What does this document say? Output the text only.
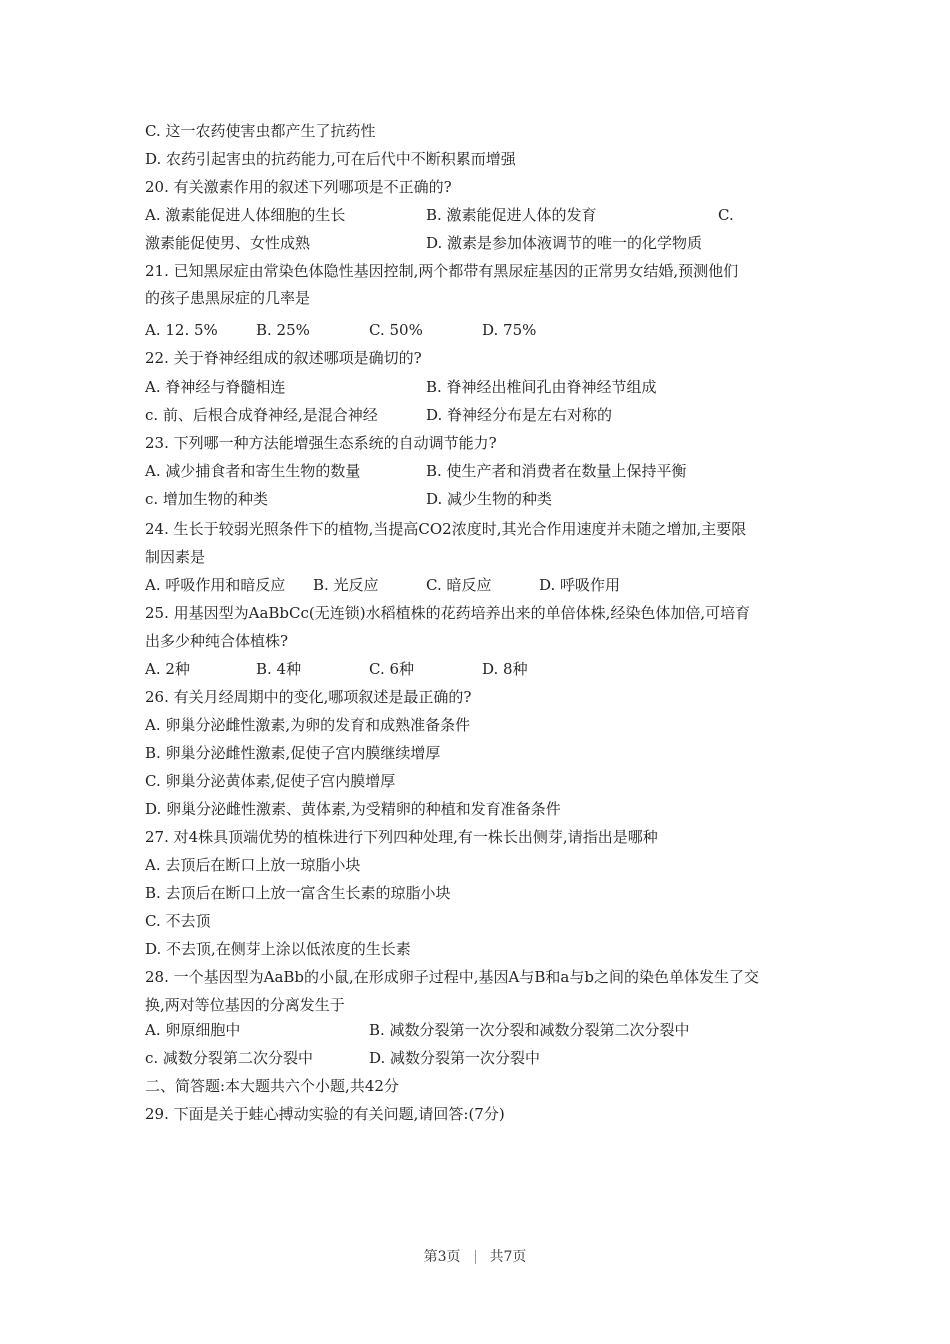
C. 这一农药使害虫都产生了抗药性
D. 农药引起害虫的抗药能力,可在后代中不断积累而增强
20. 有关激素作用的叙述下列哪项是不正确的?
A. 激素能促进人体细胞的生长	B. 激素能促进人体的发育	C.
激素能促使男、女性成熟	D. 激素是参加体液调节的唯一的化学物质
21. 已知黑尿症由常染色体隐性基因控制,两个都带有黑尿症基因的正常男女结婚,预测他们
的孩子患黑尿症的几率是
A. 12. 5%	B. 25%	C. 50%	D. 75%
22. 关于脊神经组成的叙述哪项是确切的?
A. 脊神经与脊髓相连	B. 脊神经出椎间孔由脊神经节组成
c. 前、后根合成脊神经,是混合神经	D. 脊神经分布是左右对称的
23. 下列哪一种方法能增强生态系统的自动调节能力?
A. 减少捕食者和寄生生物的数量	B. 使生产者和消费者在数量上保持平衡
c. 增加生物的种类	D. 减少生物的种类
24. 生长于较弱光照条件下的植物,当提高CO2浓度时,其光合作用速度并未随之增加,主要限
制因素是
A. 呼吸作用和暗反应 B. 光反应	C. 暗反应	D. 呼吸作用
25. 用基因型为AaBbCc(无连锁)水稻植株的花药培养出来的单倍体株,经染色体加倍,可培育
出多少种纯合体植株?
A. 2种	B. 4种	C. 6种	D. 8种
26. 有关月经周期中的变化,哪项叙述是最正确的?
A. 卵巢分泌雌性激素,为卵的发育和成熟准备条件
B. 卵巢分泌雌性激素,促使子宫内膜继续增厚
C. 卵巢分泌黄体素,促使子宫内膜增厚
D. 卵巢分泌雌性激素、黄体素,为受精卵的种植和发育准备条件
27. 对4株具顶端优势的植株进行下列四种处理,有一株长出侧芽,请指出是哪种
A. 去顶后在断口上放一琼脂小块
B. 去顶后在断口上放一富含生长素的琼脂小块
C. 不去顶
D. 不去顶,在侧芽上涂以低浓度的生长素
28. 一个基因型为AaBb的小鼠,在形成卵子过程中,基因A与B和a与b之间的染色单体发生了交
换,两对等位基因的分离发生于
A. 卵原细胞中	B. 减数分裂第一次分裂和减数分裂第二次分裂中
c. 减数分裂第二次分裂中	D. 减数分裂第一次分裂中
二、简答题:本大题共六个小题,共42分
29. 下面是关于蛙心搏动实验的有关问题,请回答:(7分)
第3页 共7页
